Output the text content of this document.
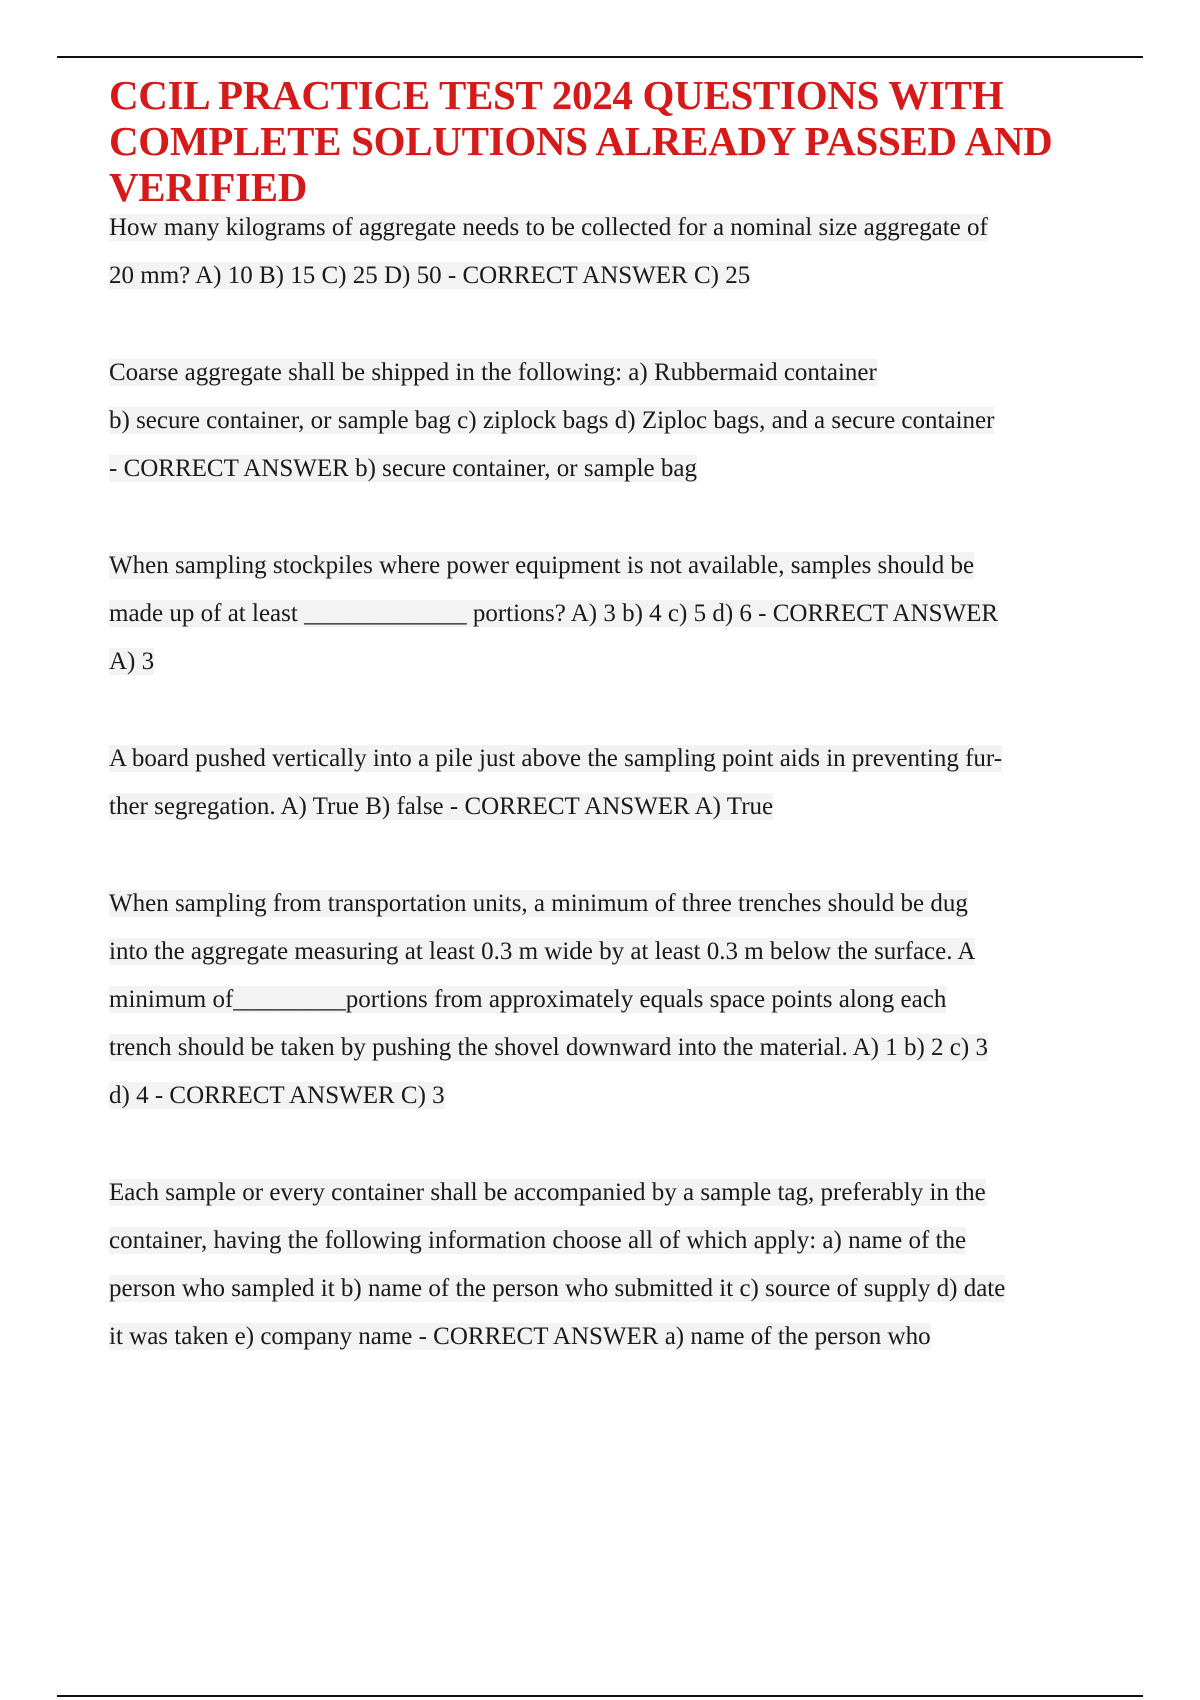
CCIL PRACTICE TEST 2024 QUESTIONS WITH
COMPLETE SOLUTIONS ALREADY PASSED AND
VERIFIED
How many kilograms of aggregate needs to be collected for a nominal size aggregate of
20 mm? A) 10 B) 15 C) 25 D) 50 - CORRECT ANSWER C) 25
Coarse aggregate shall be shipped in the following: a) Rubbermaid container
b) secure container, or sample bag c) ziplock bags d) Ziploc bags, and a secure container
- CORRECT ANSWER b) secure container, or sample bag
When sampling stockpiles where power equipment is not available, samples should be
made up of at least _____________ portions? A) 3 b) 4 c) 5 d) 6 - CORRECT ANSWER
A) 3
A board pushed vertically into a pile just above the sampling point aids in preventing fur-
ther segregation. A) True B) false - CORRECT ANSWER A) True
When sampling from transportation units, a minimum of three trenches should be dug
into the aggregate measuring at least 0.3 m wide by at least 0.3 m below the surface. A
minimum of_________portions from approximately equals space points along each
trench should be taken by pushing the shovel downward into the material. A) 1 b) 2 c) 3
d) 4 - CORRECT ANSWER C) 3
Each sample or every container shall be accompanied by a sample tag, preferably in the
container, having the following information choose all of which apply: a) name of the
person who sampled it b) name of the person who submitted it c) source of supply d) date
it was taken e) company name - CORRECT ANSWER a) name of the person who
